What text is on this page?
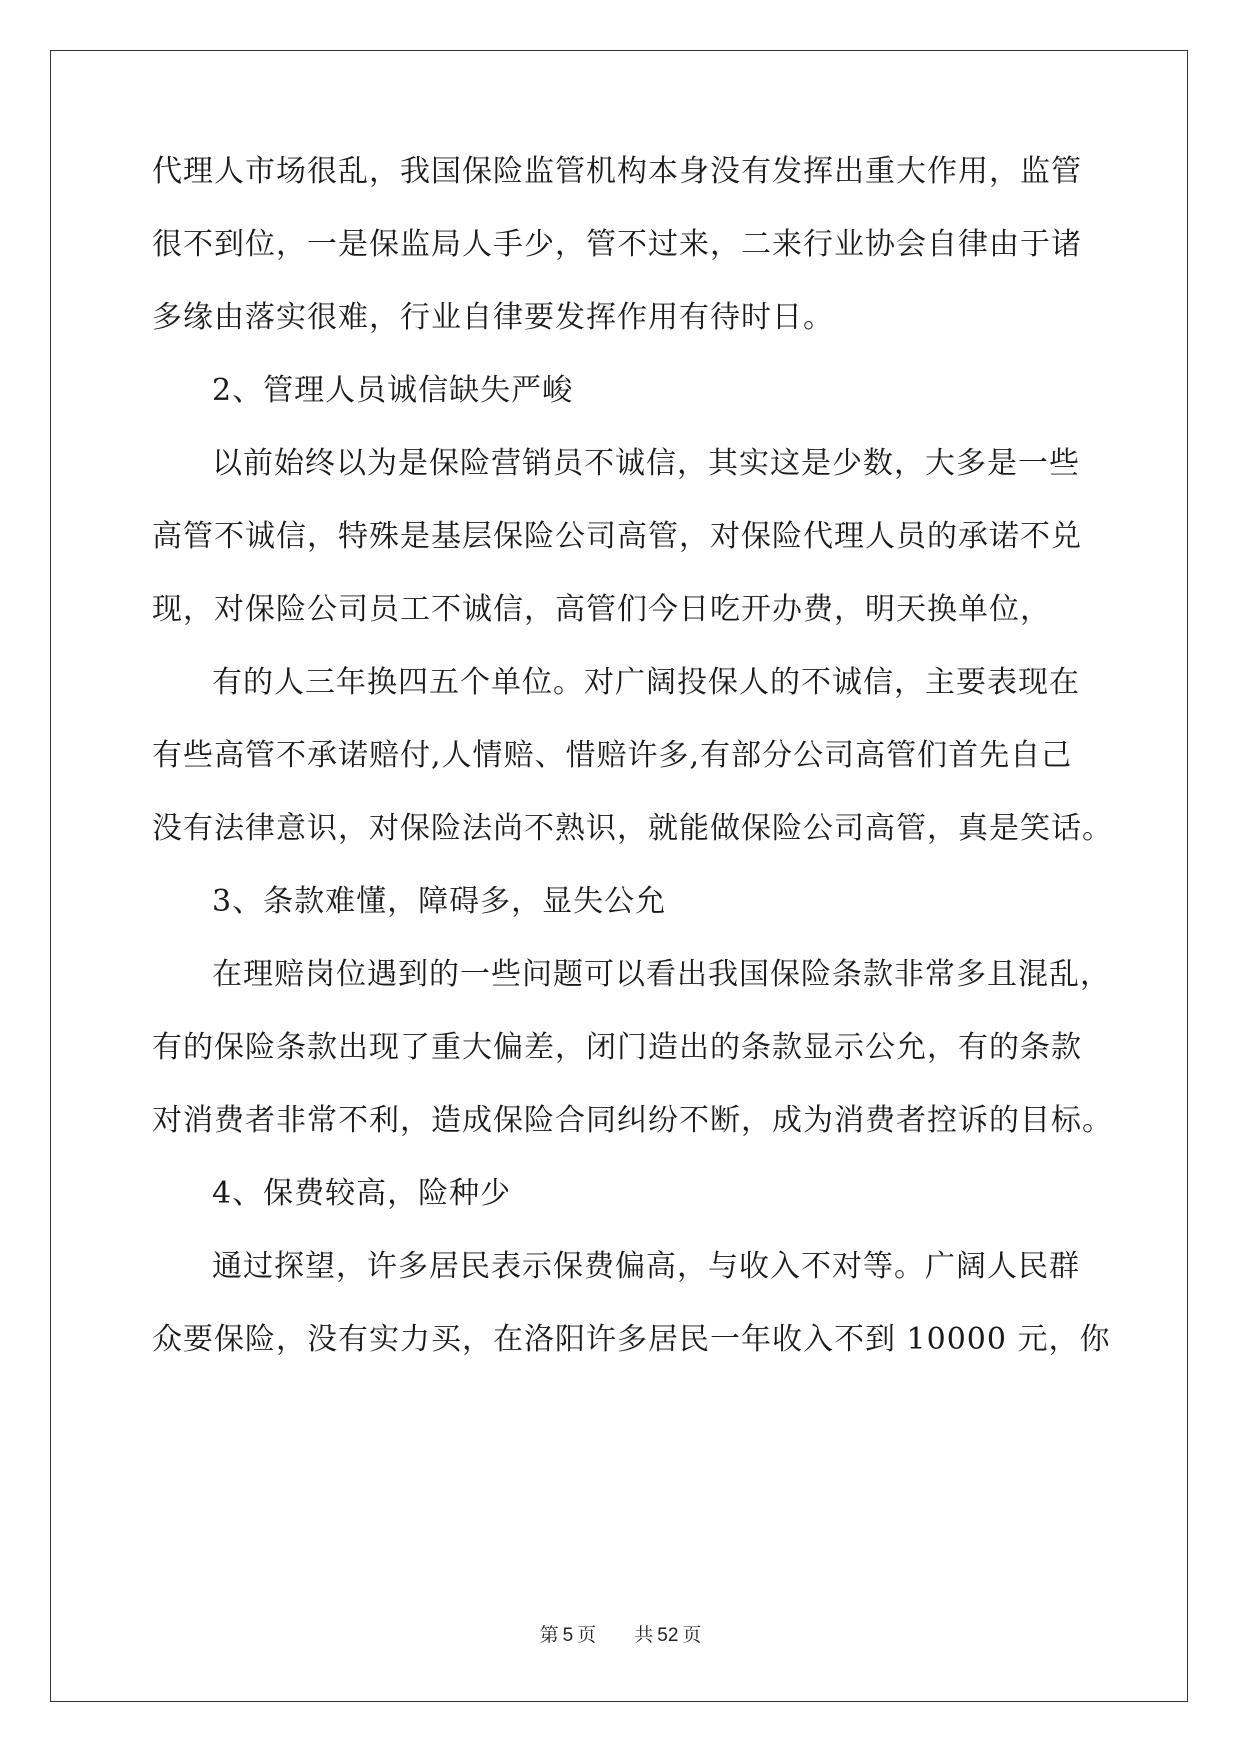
代理人市场很乱，我国保险监管机构本身没有发挥出重大作用，监管
很不到位，一是保监局人手少，管不过来，二来行业协会自律由于诸
多缘由落实很难，行业自律要发挥作用有待时日。
2、管理人员诚信缺失严峻
以前始终以为是保险营销员不诚信，其实这是少数，大多是一些
高管不诚信，特殊是基层保险公司高管，对保险代理人员的承诺不兑
现，对保险公司员工不诚信，高管们今日吃开办费，明天换单位，
有的人三年换四五个单位。对广阔投保人的不诚信，主要表现在
有些高管不承诺赔付,人情赔、惜赔许多,有部分公司高管们首先自己
没有法律意识，对保险法尚不熟识，就能做保险公司高管，真是笑话。
3、条款难懂，障碍多，显失公允
在理赔岗位遇到的一些问题可以看出我国保险条款非常多且混乱，
有的保险条款出现了重大偏差，闭门造出的条款显示公允，有的条款
对消费者非常不利，造成保险合同纠纷不断，成为消费者控诉的目标。
4、保费较高，险种少
通过探望，许多居民表示保费偏高，与收入不对等。广阔人民群
众要保险，没有实力买，在洛阳许多居民一年收入不到 10000 元，你
第 5 页 共 52 页
